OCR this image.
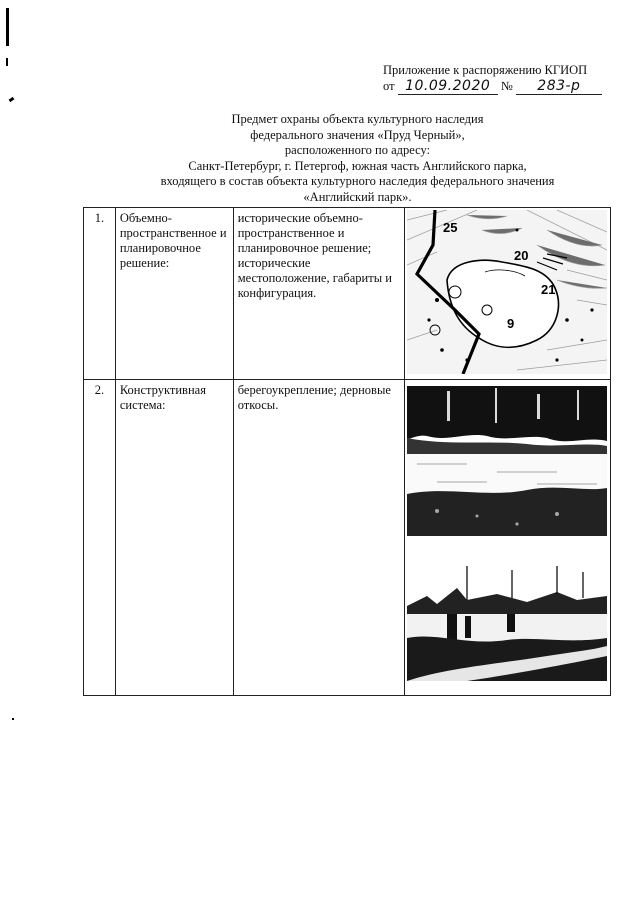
Приложение к распоряжению КГИОП
от 10.09.2020 № 283-р
Предмет охраны объекта культурного наследия
федерального значения «Пруд Черный»,
расположенного по адресу:
Санкт-Петербург, г. Петергоф, южная часть Английского парка,
входящего в состав объекта культурного наследия федерального значения
«Английский парк».
1.	Объемно-пространственное и планировочное решение:	исторические объемно-пространственное и планировочное решение; исторические местоположение, габариты и конфигурация.	25
20
21
9

2.	Конструктивная система:	берегоукрепление; дерновые откосы.	
